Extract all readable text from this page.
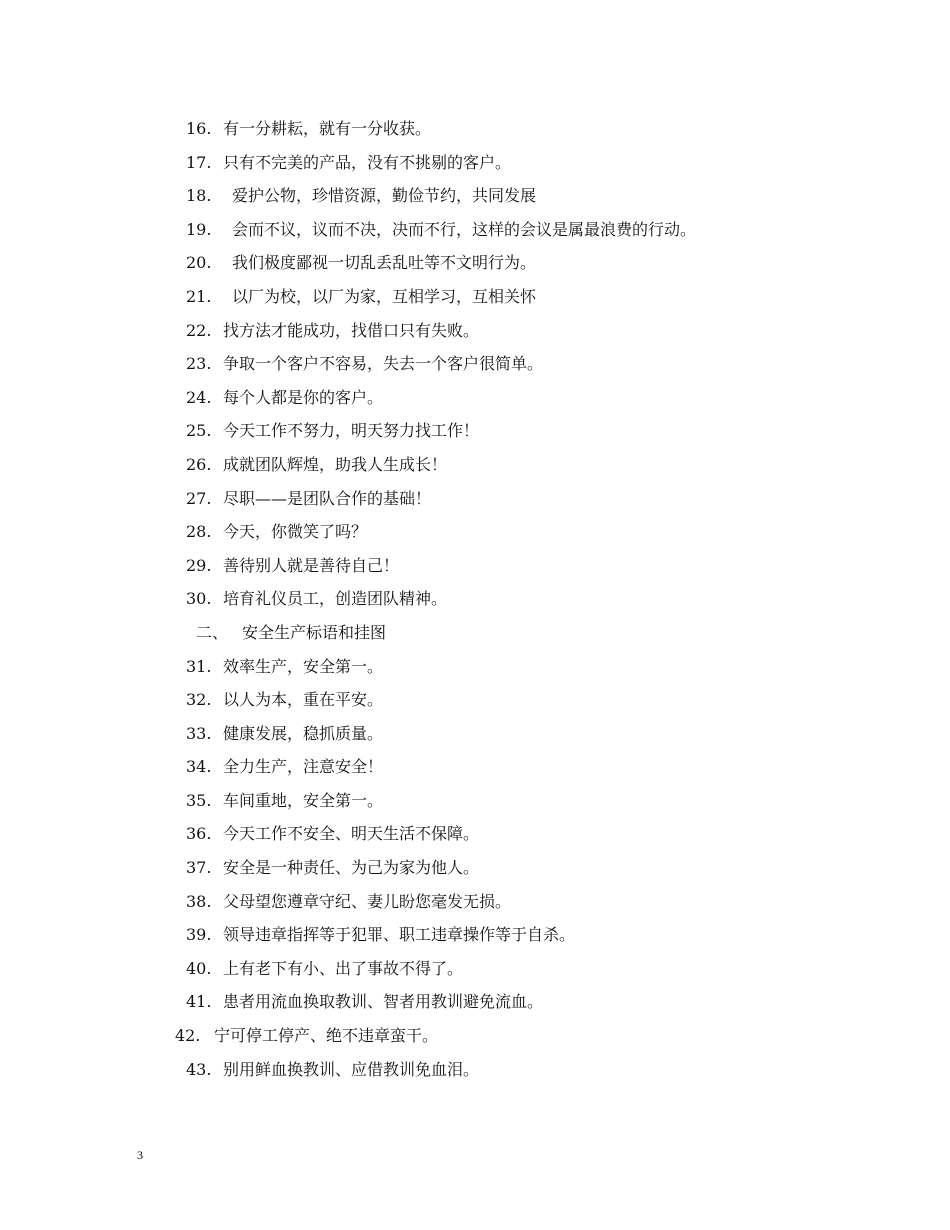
16. 有一分耕耘，就有一分收获。
17. 只有不完美的产品，没有不挑剔的客户。
18. 爱护公物，珍惜资源，勤俭节约，共同发展
19. 会而不议，议而不决，决而不行，这样的会议是属最浪费的行动。
20. 我们极度鄙视一切乱丢乱吐等不文明行为。
21. 以厂为校，以厂为家，互相学习，互相关怀
22. 找方法才能成功，找借口只有失败。
23. 争取一个客户不容易，失去一个客户很简单。
24. 每个人都是你的客户。
25. 今天工作不努力，明天努力找工作！
26. 成就团队辉煌，助我人生成长！
27. 尽职——是团队合作的基础！
28. 今天，你微笑了吗？
29. 善待别人就是善待自己！
30. 培育礼仪员工，创造团队精神。
二、 安全生产标语和挂图
31. 效率生产，安全第一。
32. 以人为本，重在平安。
33. 健康发展，稳抓质量。
34. 全力生产，注意安全！
35. 车间重地，安全第一。
36. 今天工作不安全、明天生活不保障。
37. 安全是一种责任、为己为家为他人。
38. 父母望您遵章守纪、妻儿盼您毫发无损。
39. 领导违章指挥等于犯罪、职工违章操作等于自杀。
40. 上有老下有小、出了事故不得了。
41. 患者用流血换取教训、智者用教训避免流血。
42. 宁可停工停产、绝不违章蛮干。
43. 别用鲜血换教训、应借教训免血泪。
3
